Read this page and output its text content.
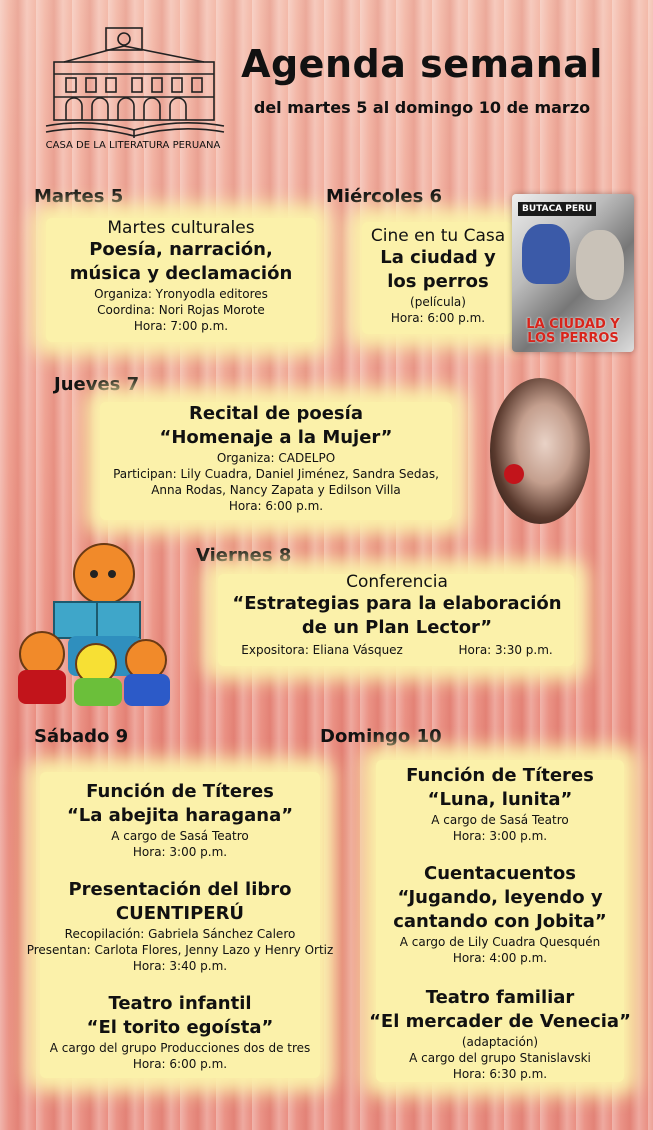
CASA DE LA LITERATURA PERUANA
Agenda semanal
del martes 5 al domingo 10 de marzo
Martes 5
Martes culturales
Poesía, narración,
música y declamación
Organiza: Yronyodla editores
Coordina: Nori Rojas Morote
Hora: 7:00 p.m.
Miércoles 6
Cine en tu Casa
La ciudad y
los perros
(película)
Hora: 6:00 p.m.
BUTACA PERU
LA CIUDAD Y LOS PERROS
Jueves 7
Recital de poesía
“Homenaje a la Mujer”
Organiza: CADELPO
Participan: Lily Cuadra, Daniel Jiménez, Sandra Sedas,
Anna Rodas, Nancy Zapata y Edilson Villa
Hora: 6:00 p.m.
Viernes 8
Conferencia
“Estrategias para la elaboración
de un Plan Lector”
Expositora: Eliana Vásquez	Hora: 3:30 p.m.
Sábado 9
Función de Títeres
“La abejita haragana”
A cargo de Sasá Teatro
Hora: 3:00 p.m.
Presentación del libro
CUENTIPERÚ
Recopilación: Gabriela Sánchez Calero
Presentan: Carlota Flores, Jenny Lazo y Henry Ortiz
Hora: 3:40 p.m.
Teatro infantil
“El torito egoísta”
A cargo del grupo Producciones dos de tres
Hora: 6:00 p.m.
Domingo 10
Función de Títeres
“Luna, lunita”
A cargo de Sasá Teatro
Hora: 3:00 p.m.
Cuentacuentos
“Jugando, leyendo y
cantando con Jobita”
A cargo de Lily Cuadra Quesquén
Hora: 4:00 p.m.
Teatro familiar
“El mercader de Venecia”
(adaptación)
A cargo del grupo Stanislavski
Hora: 6:30 p.m.
